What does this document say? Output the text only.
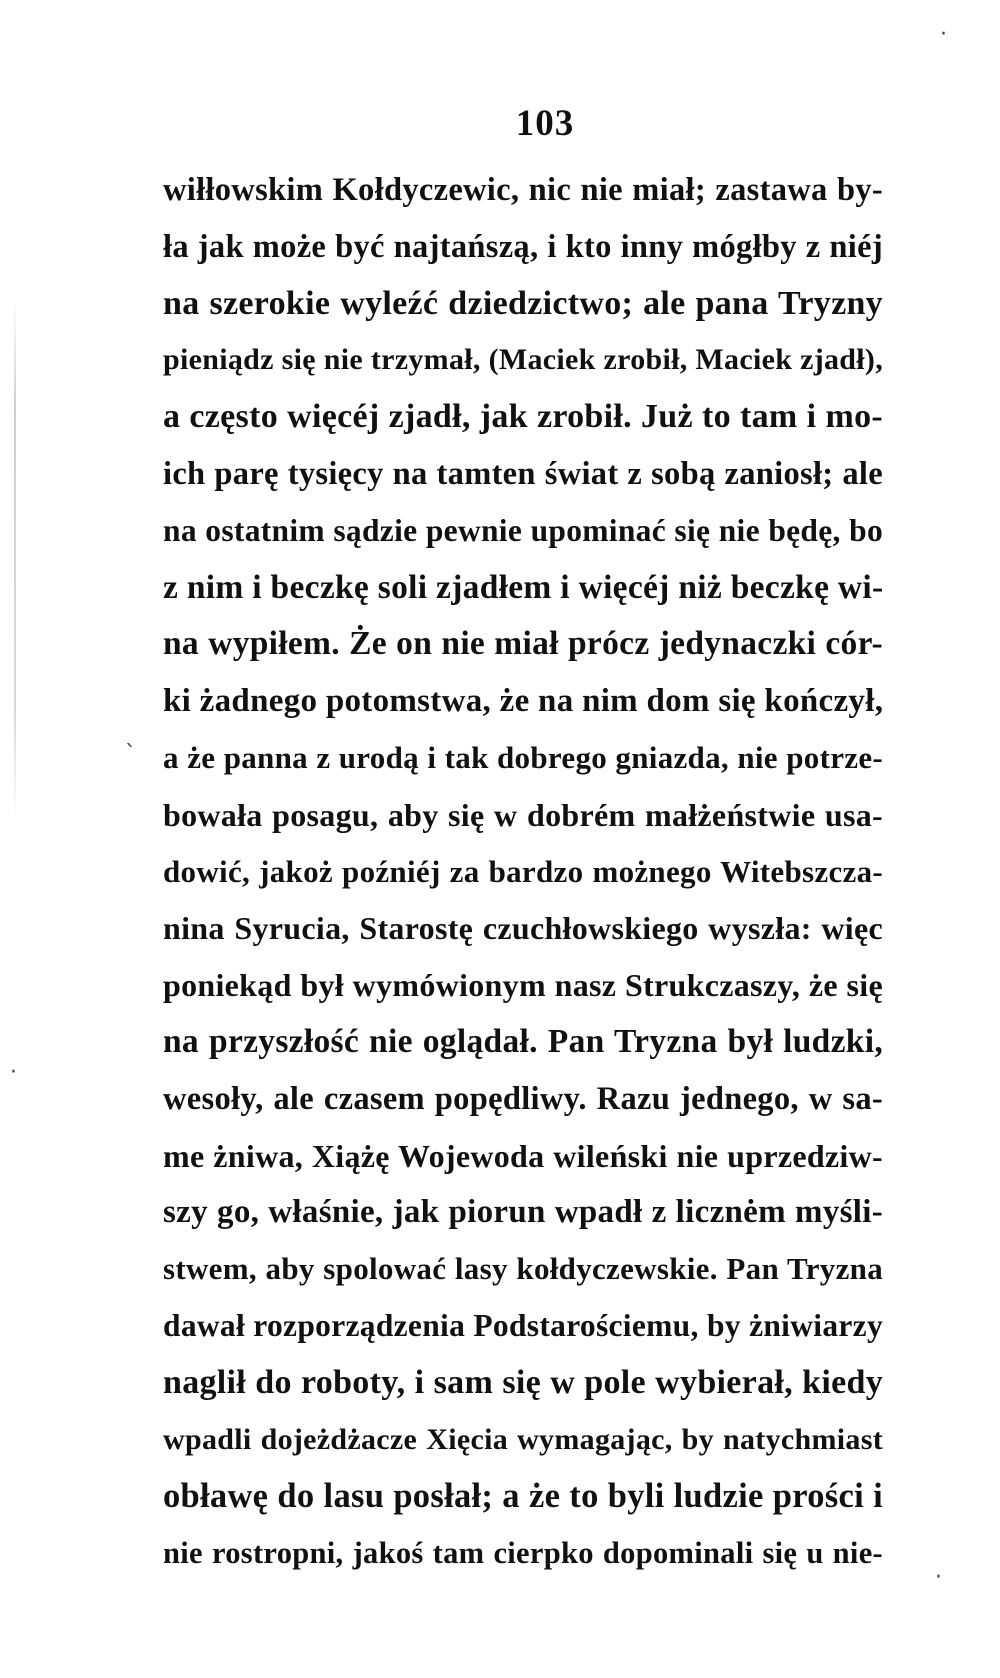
103
wiłłowskim Kołdyczewic, nic nie miał; zastawa by-
ła jak może być najtańszą, i kto inny mógłby z niéj
na szerokie wyleźć dziedzictwo; ale pana Tryzny
pieniądz się nie trzymał, (Maciek zrobił, Maciek zjadł),
a często więcéj zjadł, jak zrobił. Już to tam i mo-
ich parę tysięcy na tamten świat z sobą zaniosł; ale
na ostatnim sądzie pewnie upominać się nie będę, bo
z nim i beczkę soli zjadłem i więcéj niż beczkę wi-
na wypiłem. Że on nie miał prócz jedynaczki cór-
ki żadnego potomstwa, że na nim dom się kończył,
a że panna z urodą i tak dobrego gniazda, nie potrze-
bowała posagu, aby się w dobrém małżeństwie usa-
dowić, jakoż poźniéj za bardzo możnego Witebszcza-
nina Syrucia, Starostę czuchłowskiego wyszła: więc
poniekąd był wymówionym nasz Strukczaszy, że się
na przyszłość nie oglądał. Pan Tryzna był ludzki,
wesoły, ale czasem popędliwy. Razu jednego, w sa-
me żniwa, Xiążę Wojewoda wileński nie uprzedziw-
szy go, właśnie, jak piorun wpadł z licznėm myśli-
stwem, aby spolować lasy kołdyczewskie. Pan Tryzna
dawał rozporządzenia Podstarościemu, by żniwiarzy
naglił do roboty, i sam się w pole wybierał, kiedy
wpadli dojeżdżacze Xięcia wymagając, by natychmiast
obławę do lasu posłał; a że to byli ludzie prości i
nie rostropni, jakoś tam cierpko dopominali się u nie-
·
`
·
·
